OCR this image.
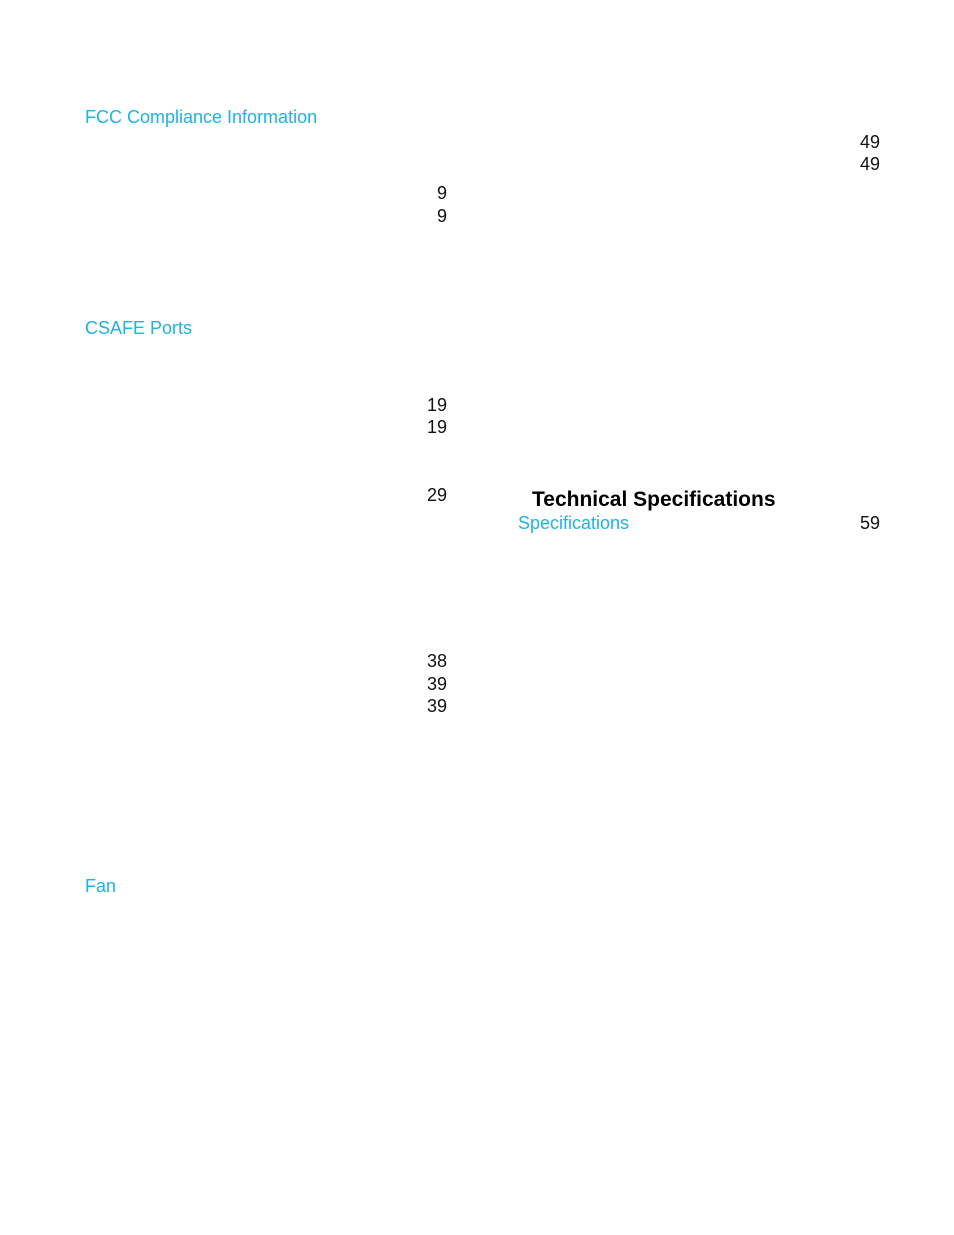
FCC Compliance Information
CSAFE Ports
Fan
9
9
19
19
29
38
39
39
49
49
Technical Specifications
Specifications	59
